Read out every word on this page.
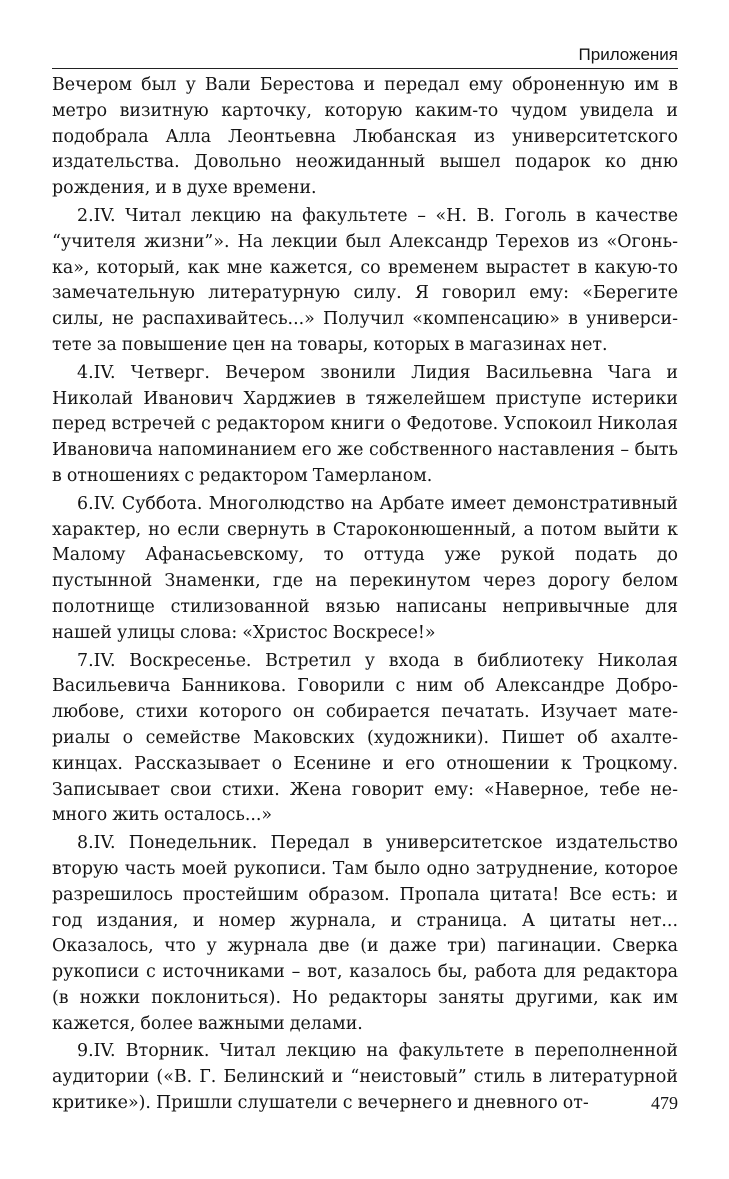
Приложения

Вечером был у Вали Берестова и передал ему оброненную им в метро визитную карточку, которую каким-то чудом увидела и подобрала Алла Леонтьевна Любанская из университетского издательства. Довольно неожиданный вышел подарок ко дню рождения, и в духе времени.

2.IV. Читал лекцию на факультете – «Н. В. Гоголь в качестве “учителя жизни”». На лекции был Александр Терехов из «Огонька», который, как мне кажется, со временем вырастет в какую-то замечательную литературную силу. Я говорил ему: «Берегите силы, не распахивайтесь...» Получил «компенсацию» в университете за повышение цен на товары, которых в магазинах нет.

4.IV. Четверг. Вечером звонили Лидия Васильевна Чага и Николай Иванович Харджиев в тяжелейшем приступе истерики перед встречей с редактором книги о Федотове. Успокоил Николая Ивановича напоминанием его же собственного наставления – быть в отношениях с редактором Тамерланом.

6.IV. Суббота. Многолюдство на Арбате имеет демонстративный характер, но если свернуть в Староконюшенный, а потом выйти к Малому Афанасьевскому, то оттуда уже рукой подать до пустынной Знаменки, где на перекинутом через дорогу белом полотнище стилизованной вязью написаны непривычные для нашей улицы слова: «Христос Воскресе!»

7.IV. Воскресенье. Встретил у входа в библиотеку Николая Васильевича Банникова. Говорили с ним об Александре Добролюбове, стихи которого он собирается печатать. Изучает материалы о семействе Маковских (художники). Пишет об ахалтекинцах. Рассказывает о Есенине и его отношении к Троцкому. Записывает свои стихи. Жена говорит ему: «Наверное, тебе немного жить осталось...»

8.IV. Понедельник. Передал в университетское издательство вторую часть моей рукописи. Там было одно затруднение, которое разрешилось простейшим образом. Пропала цитата! Все есть: и год издания, и номер журнала, и страница. А цитаты нет... Оказалось, что у журнала две (и даже три) пагинации. Сверка рукописи с источниками – вот, казалось бы, работа для редактора (в ножки поклониться). Но редакторы заняты другими, как им кажется, более важными делами.

9.IV. Вторник. Читал лекцию на факультете в переполненной аудитории («В. Г. Белинский и “неистовый” стиль в литературной критике»). Пришли слушатели с вечернего и дневного от-	479
